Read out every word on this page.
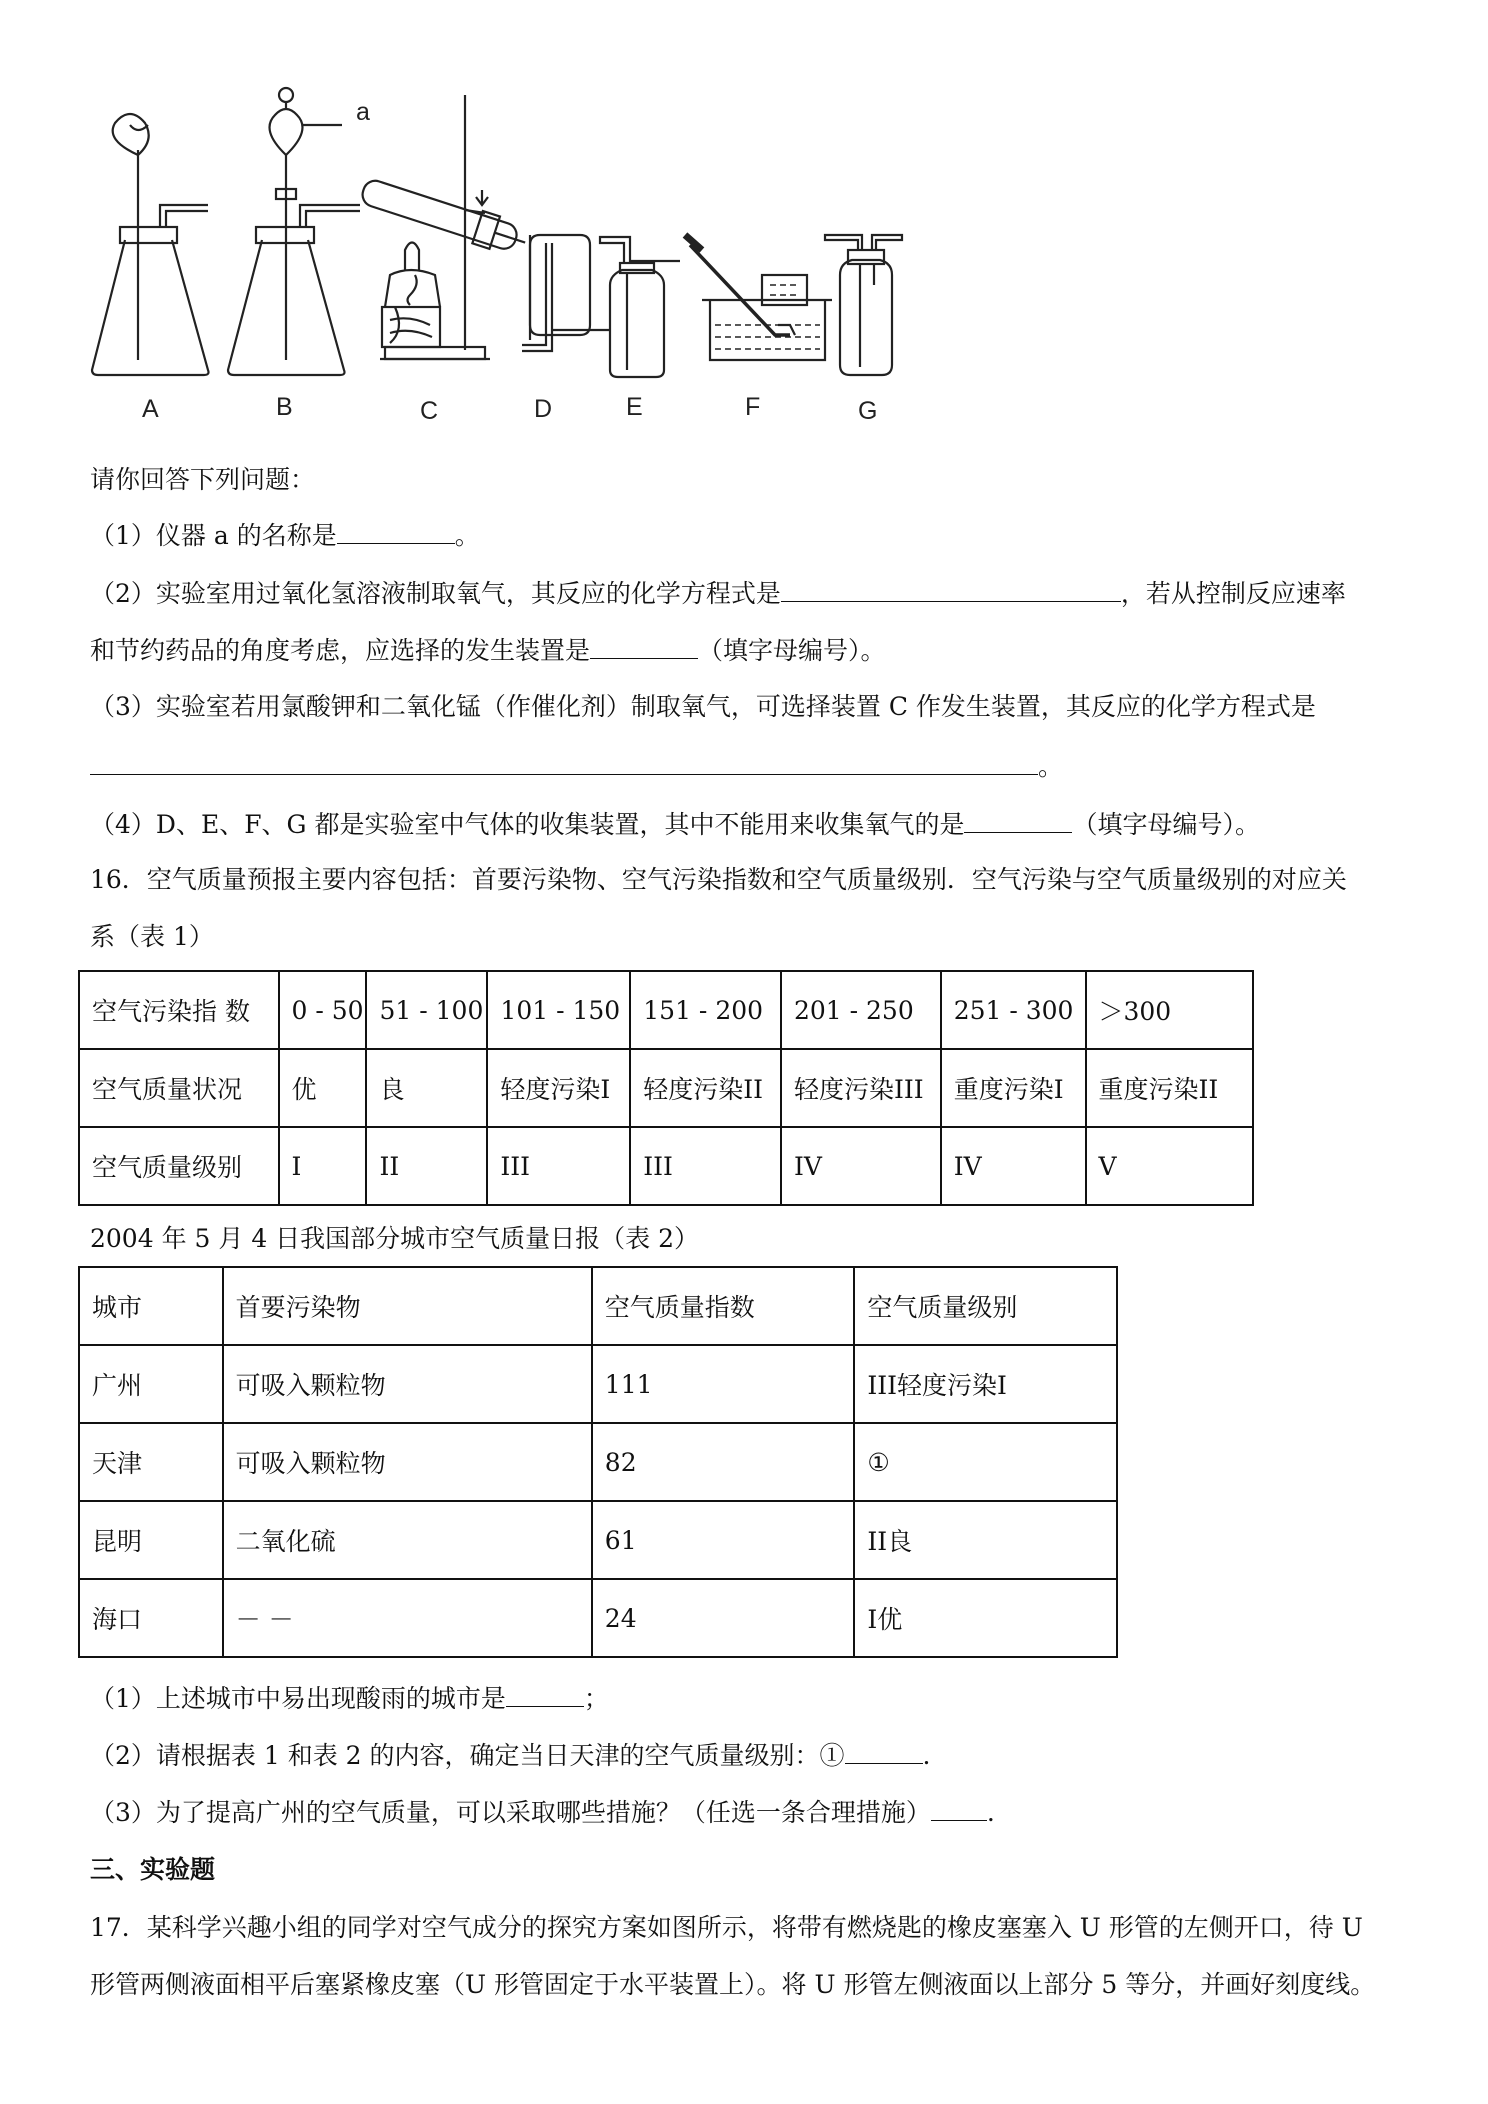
a
A	B	C	D	E	F	G
请你回答下列问题：
（1）仪器 a 的名称是	。
（2）实验室用过氧化氢溶液制取氧气，其反应的化学方程式是	，若从控制反应速率
和节约药品的角度考虑，应选择的发生装置是	（填字母编号）。
（3）实验室若用氯酸钾和二氧化锰（作催化剂）制取氧气，可选择装置 C 作发生装置，其反应的化学方程式是
。
（4）D、E、F、G 都是实验室中气体的收集装置，其中不能用来收集氧气的是	（填字母编号）。
16．空气质量预报主要内容包括：首要污染物、空气污染指数和空气质量级别．空气污染与空气质量级别的对应关
系（表 1）
空气污染指 数	0 - 50	51 - 100	101 - 150	151 - 200	201 - 250	251 - 300	＞300
空气质量状况	优	良	轻度污染I	轻度污染II	轻度污染III	重度污染I	重度污染II
空气质量级别	I	II	III	III	IV	IV	V
2004 年 5 月 4 日我国部分城市空气质量日报（表 2）
城市	首要污染物	空气质量指数	空气质量级别
广州	可吸入颗粒物	111	III轻度污染I
天津	可吸入颗粒物	82	①
昆明	二氧化硫	61	II良
海口	－ －	24	I优
（1）上述城市中易出现酸雨的城市是	；
（2）请根据表 1 和表 2 的内容，确定当日天津的空气质量级别：①	.
（3）为了提高广州的空气质量，可以采取哪些措施？（任选一条合理措施） .
三、实验题
17．某科学兴趣小组的同学对空气成分的探究方案如图所示，将带有燃烧匙的橡皮塞塞入 U 形管的左侧开口，待 U
形管两侧液面相平后塞紧橡皮塞（U 形管固定于水平装置上）。将 U 形管左侧液面以上部分 5 等分，并画好刻度线。
